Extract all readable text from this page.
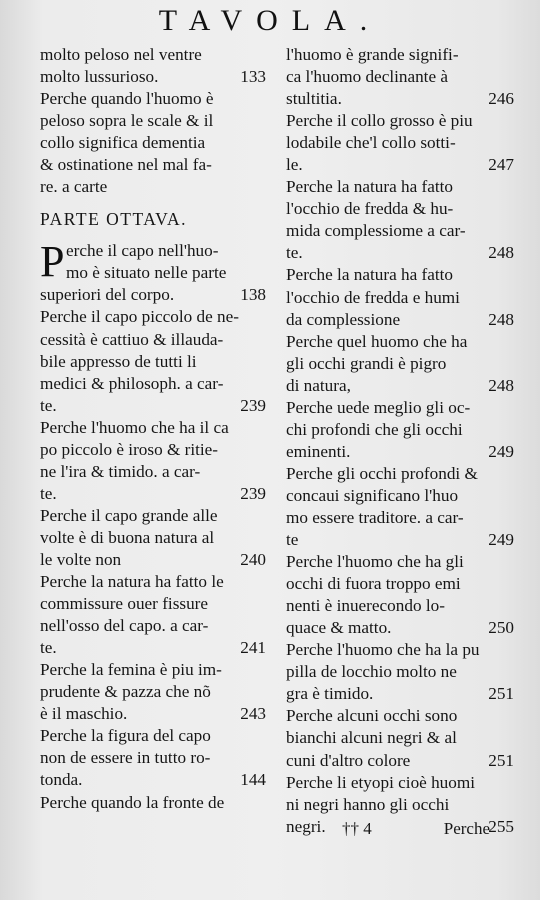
TAVOLA.
molto peloso nel ventre
133
molto lussurioso.
Perche quando l'huomo è
peloso sopra le scale & il
collo significa dementia
& ostinatione nel mal fa-
re. a carte
PARTE OTTAVA.
P erche il capo nell'huo-
mo è situato nelle parte
138
superiori del corpo.
Perche il capo piccolo de ne-
cessità è cattiuo & illauda-
bile appresso de tutti li
medici & philosoph. a car-
239
te.
Perche l'huomo che ha il ca
po piccolo è iroso & ritie-
ne l'ira & timido. a car-
239
te.
Perche il capo grande alle
volte è di buona natura al
240
le volte non
Perche la natura ha fatto le
commissure ouer fissure
nell'osso del capo. a car-
241
te.
Perche la femina è piu im-
prudente & pazza che nõ
243
è il maschio.
Perche la figura del capo
non de essere in tutto ro-
144
tonda.
Perche quando la fronte de
l'huomo è grande signifi-
ca l'huomo declinante à
246
stultitia.
Perche il collo grosso è piu
lodabile che'l collo sotti-
247
le.
Perche la natura ha fatto
l'occhio de fredda & hu-
mida complessiome a car-
248
te.
Perche la natura ha fatto
l'occhio de fredda e humi
248
da complessione
Perche quel huomo che ha
gli occhi grandi è pigro
248
di natura,
Perche uede meglio gli oc-
chi profondi che gli occhi
249
eminenti.
Perche gli occhi profondi &
concaui significano l'huo
mo essere traditore. a car-
249
te
Perche l'huomo che ha gli
occhi di fuora troppo emi
nenti è inuerecondo lo-
250
quace & matto.
Perche l'huomo che ha la pu
pilla de locchio molto ne
251
gra è timido.
Perche alcuni occhi sono
bianchi alcuni negri & al
251
cuni d'altro colore
Perche li etyopi cioè huomi
ni negri hanno gli occhi
255
negri. †† 4	Perche
